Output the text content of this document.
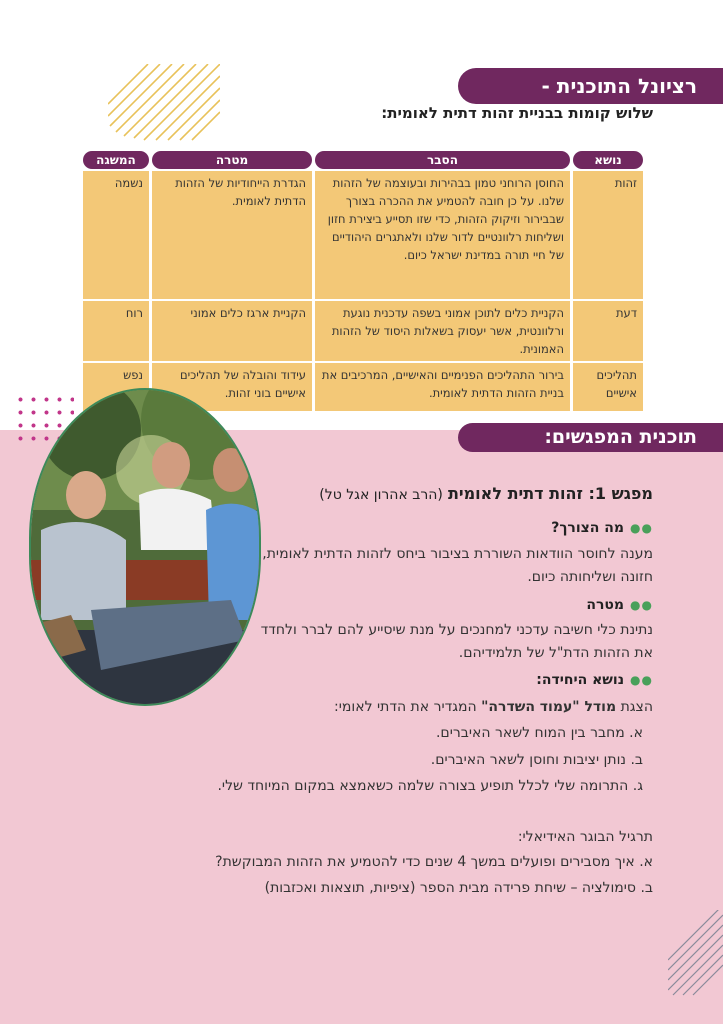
רציונל התוכנית -
שלוש קומות בבניית זהות דתית לאומית:
נושא	הסבר	מטרה	המשגה
זהות	החוסן הרוחני טמון בבהירות ובעוצמה של הזהות שלנו. על כן חובה להטמיע את ההכרה בצורך שבבירור וזיקוק הזהות, כדי שזו תסייע ביצירת חזון ושליחות רלוונטיים לדור שלנו ולאתגרים היהודיים של חיי תורה במדינת ישראל כיום.	הגדרת הייחודיות של הזהות הדתית לאומית.	נשמה
דעת	הקניית כלים לתוכן אמוני בשפה עדכנית נוגעת ורלוונטית, אשר יעסוק בשאלות היסוד של הזהות האמונית.	הקניית ארגז כלים אמוני	רוח
תהליכים אישיים	בירור התהליכים הפנימיים והאישיים, המרכיבים את בניית הזהות הדתית לאומית.	עידוד והובלה של תהליכים אישיים בוני זהות.	נפש
תוכנית המפגשים:
מפגש 1: זהות דתית לאומית (הרב אהרון אגל טל)
●●מה הצורך?
מענה לחוסר הוודאות השוררת בציבור ביחס לזהות הדתית לאומית, חזונה ושליחותה כיום.
●●מטרה
נתינת כלי חשיבה עדכני למחנכים על מנת שיסייע להם לברר ולחדד את הזהות הדת"ל של תלמידיהם.
●●נושא היחידה:
הצגת מודל "עמוד השדרה" המגדיר את הדתי לאומי:
א. מחבר בין המוח לשאר האיברים.
ב. נותן יציבות וחוסן לשאר האיברים.
ג. התרומה שלי לכלל תופיע בצורה שלמה כשאמצא במקום המיוחד שלי.
תרגיל הבוגר האידיאלי:
א. איך מסבירים ופועלים במשך 4 שנים כדי להטמיע את הזהות המבוקשת?
ב. סימולציה – שיחת פרידה מבית הספר (ציפיות, תוצאות ואכזבות)
